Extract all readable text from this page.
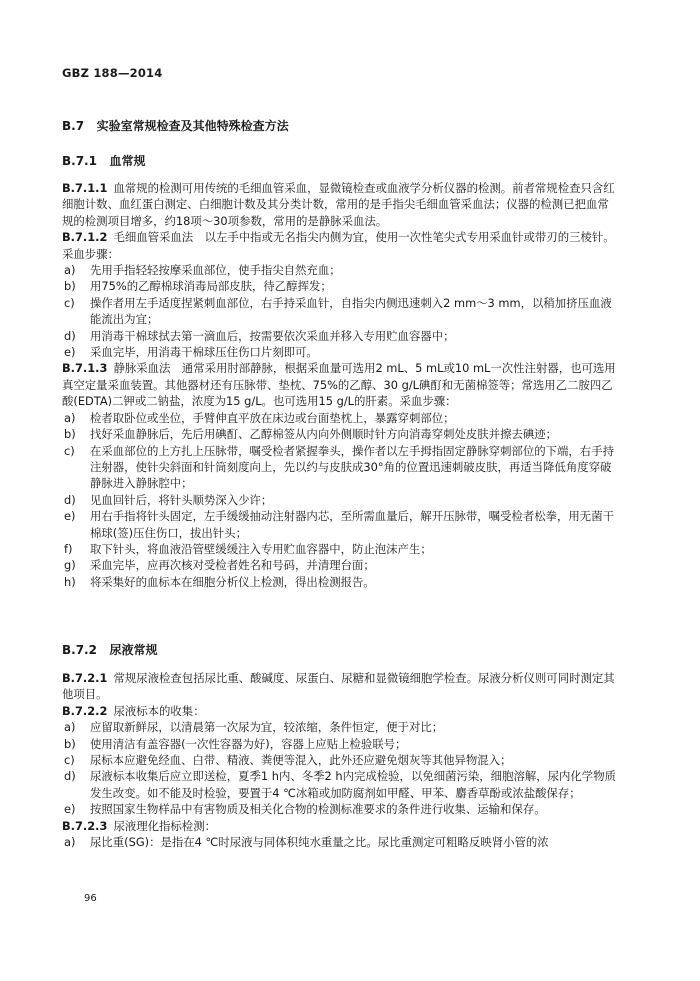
GBZ 188—2014
B.7 实验室常规检查及其他特殊检查方法
B.7.1 血常规

B.7.1.1 血常规的检测可用传统的毛细血管采血，显微镜检查或血液学分析仪器的检测。前者常规检查只含红细胞计数、血红蛋白测定、白细胞计数及其分类计数，常用的是手指尖毛细血管采血法；仪器的检测已把血常规的检测项目增多，约18项～30项参数，常用的是静脉采血法。

B.7.1.2 毛细血管采血法　以左手中指或无名指尖内侧为宜，使用一次性笔尖式专用采血针或带刃的三棱针。采血步骤：

a)	先用手指轻轻按摩采血部位，使手指尖自然充血；
b)	用75%的乙醇棉球消毒局部皮肤，待乙醇挥发；
c)	操作者用左手适度捏紧刺血部位，右手持采血针，自指尖内侧迅速刺入2 mm～3 mm，以稍加挤压血液能流出为宜；
d)	用消毒干棉球拭去第一滴血后，按需要依次采血并移入专用贮血容器中；
e)	采血完毕，用消毒干棉球压住伤口片刻即可。

B.7.1.3 静脉采血法　通常采用肘部静脉，根据采血量可选用2 mL、5 mL或10 mL一次性注射器，也可选用真空定量采血装置。其他器材还有压脉带、垫枕、75%的乙醇、30 g/L碘酊和无菌棉签等；常选用乙二胺四乙酸(EDTA)二钾或二钠盐，浓度为15 g/L。也可选用15 g/L的肝素。采血步骤：

a)	检者取卧位或坐位，手臂伸直平放在床边或台面垫枕上，暴露穿刺部位；
b)	找好采血静脉后，先后用碘酊、乙醇棉签从内向外侧顺时针方向消毒穿刺处皮肤并擦去碘迹；
c)	在采血部位的上方扎上压脉带，嘱受检者紧握拳头，操作者以左手拇指固定静脉穿刺部位的下端，右手持注射器，使针尖斜面和针筒刻度向上，先以约与皮肤成30°角的位置迅速刺破皮肤，再适当降低角度穿破静脉进入静脉腔中；
d)	见血回针后，将针头顺势深入少许；
e)	用右手指将针头固定，左手缓缓抽动注射器内芯，至所需血量后，解开压脉带，嘱受检者松拳，用无菌干棉球(签)压住伤口，拔出针头；
f)	取下针头，将血液沿管壁缓缓注入专用贮血容器中，防止泡沫产生；
g)	采血完毕，应再次核对受检者姓名和号码，并清理台面；
h)	将采集好的血标本在细胞分析仪上检测，得出检测报告。
B.7.2 尿液常规

B.7.2.1 常规尿液检查包括尿比重、酸碱度、尿蛋白、尿糖和显微镜细胞学检查。尿液分析仪则可同时测定其他项目。

B.7.2.2 尿液标本的收集：

a)	应留取新鲜尿，以清晨第一次尿为宜，较浓缩，条件恒定，便于对比；
b)	使用清洁有盖容器(一次性容器为好)，容器上应贴上检验联号；
c)	尿标本应避免经血、白带、精液、粪便等混入，此外还应避免烟灰等其他异物混入；
d)	尿液标本收集后应立即送检，夏季1 h内、冬季2 h内完成检验，以免细菌污染，细胞溶解，尿内化学物质发生改变。如不能及时检验，要置于4 ℃冰箱或加防腐剂如甲醛、甲苯、麝香草酚或浓盐酸保存；
e)	按照国家生物样品中有害物质及相关化合物的检测标准要求的条件进行收集、运输和保存。

B.7.2.3 尿液理化指标检测：

a)	尿比重(SG)：是指在4 ℃时尿液与同体积纯水重量之比。尿比重测定可粗略反映肾小管的浓
96
